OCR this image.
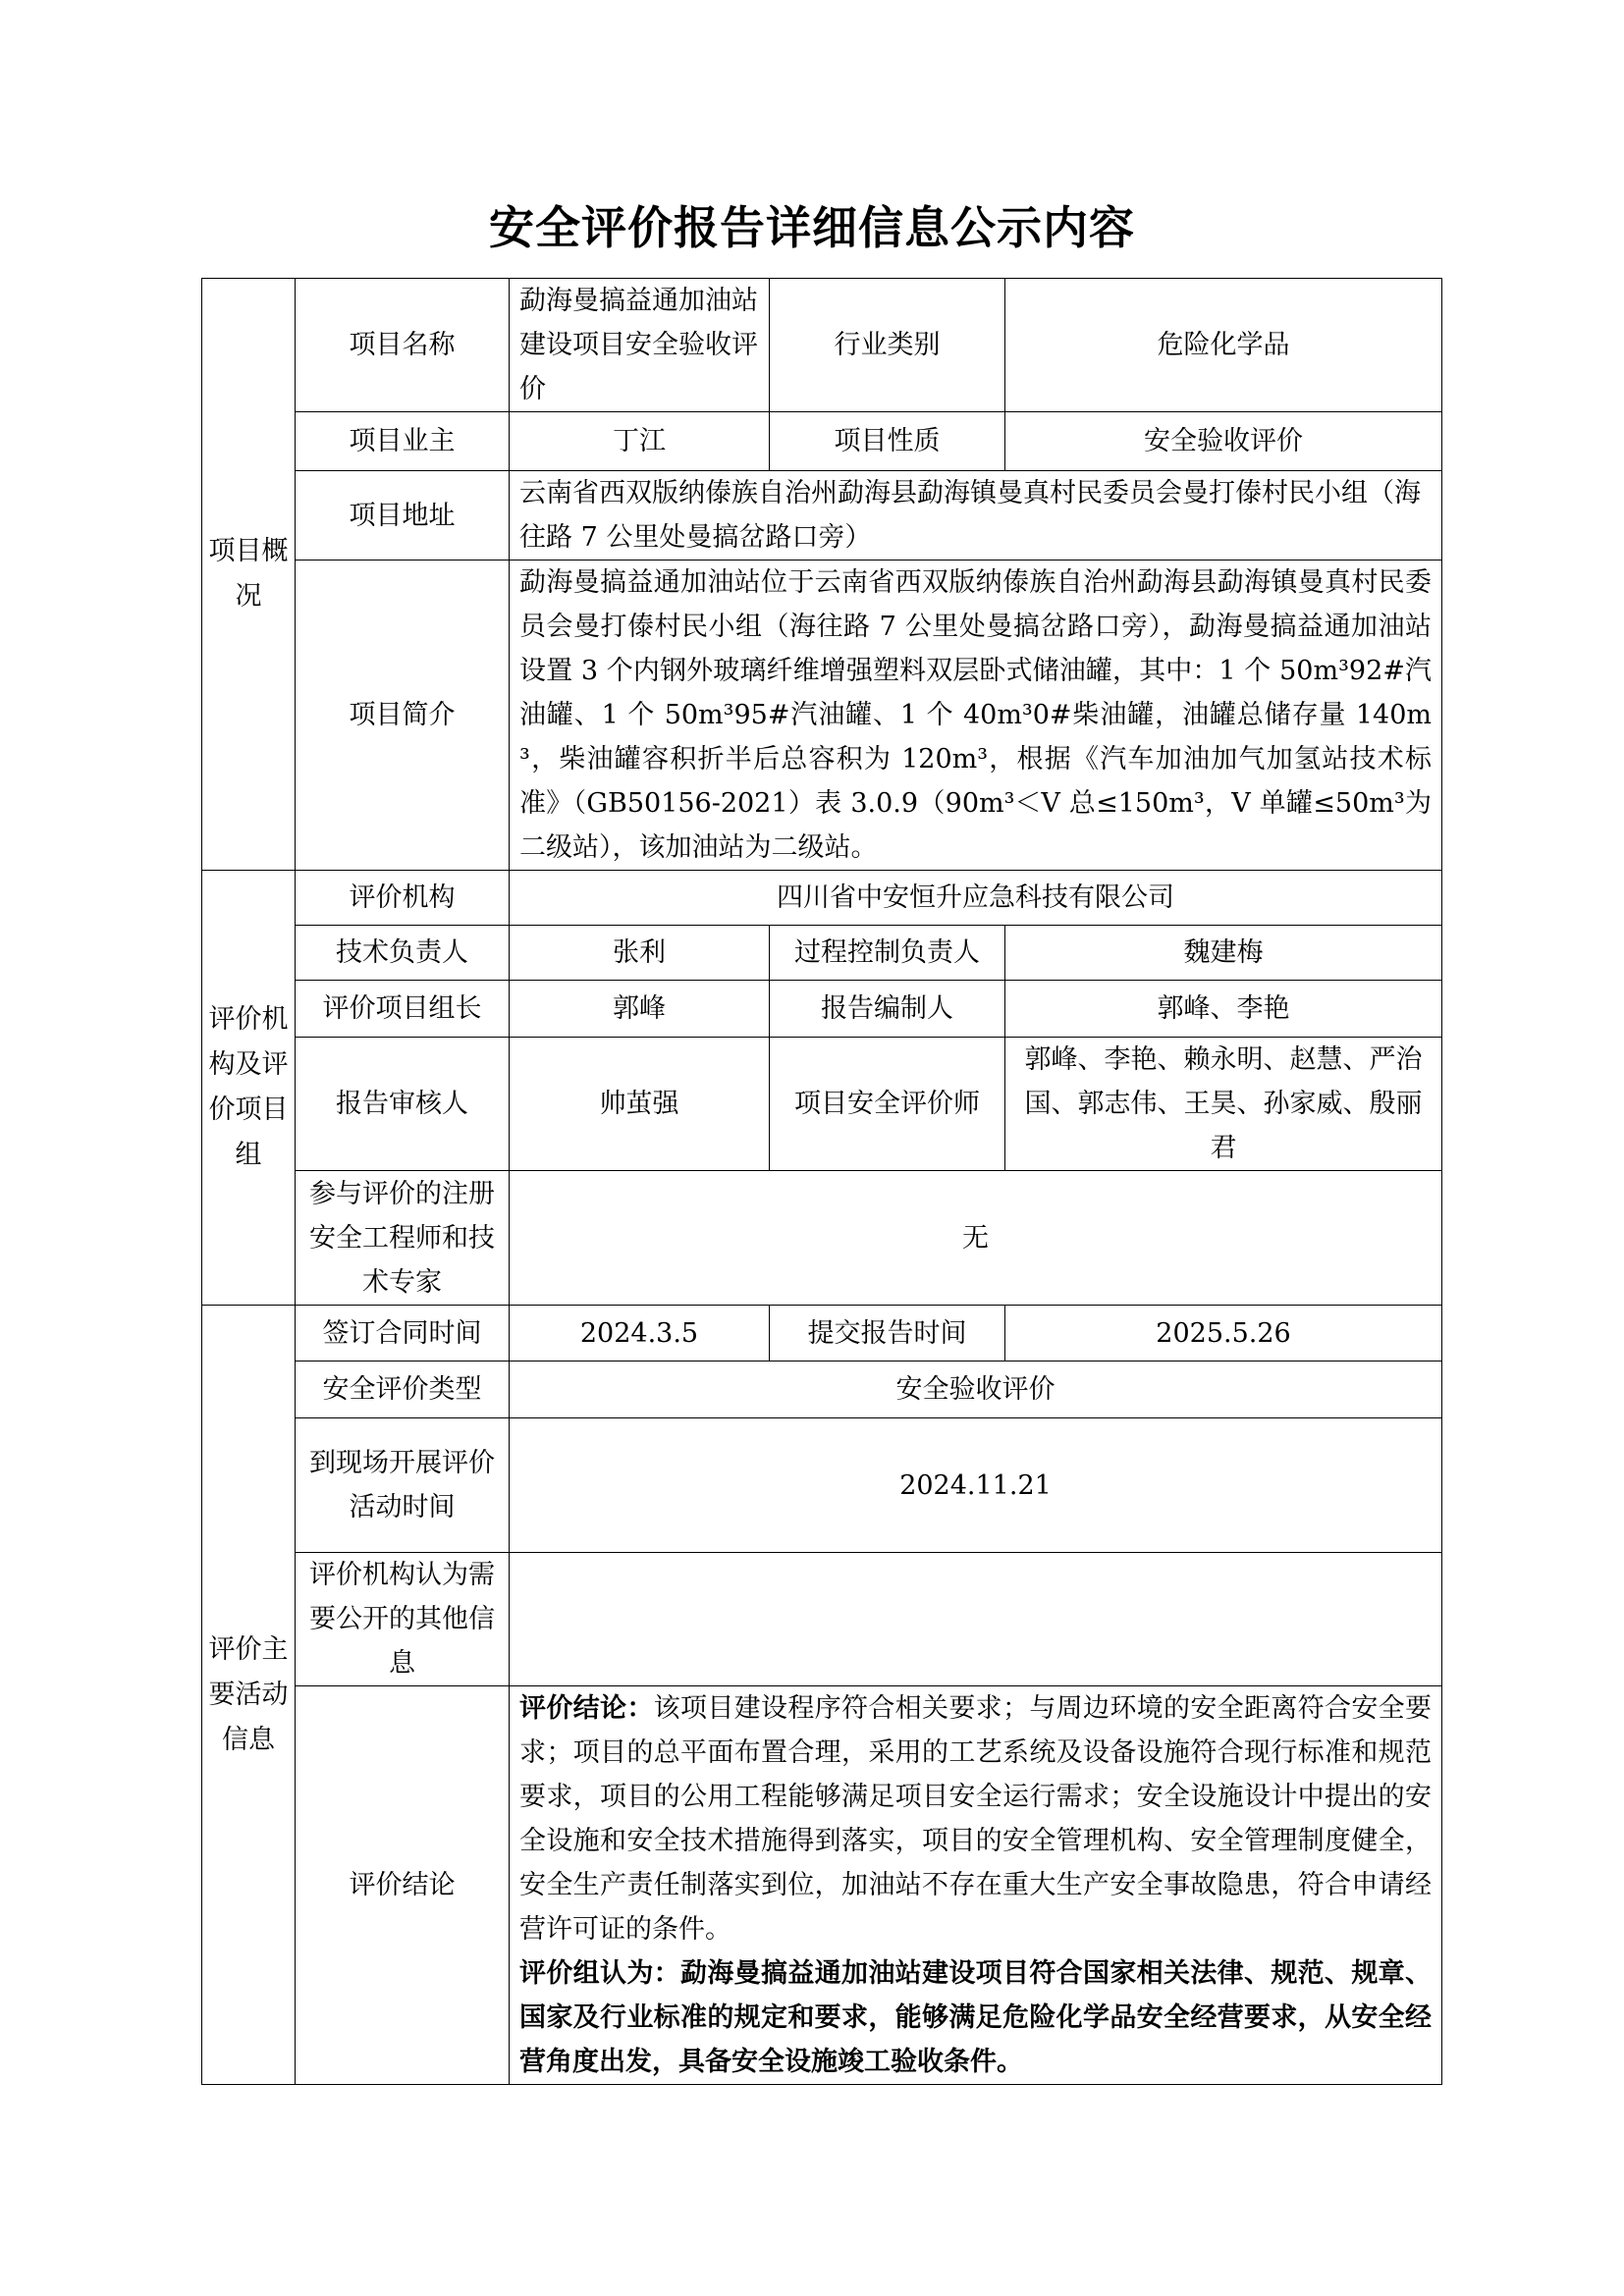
安全评价报告详细信息公示内容
项目概况	项目名称	勐海曼搞益通加油站建设项目安全验收评价	行业类别	危险化学品
	项目业主	丁江	项目性质	安全验收评价
	项目地址	云南省西双版纳傣族自治州勐海县勐海镇曼真村民委员会曼打傣村民小组（海往路 7 公里处曼搞岔路口旁）		
	项目简介	勐海曼搞益通加油站位于云南省西双版纳傣族自治州勐海县勐海镇曼真村民委员会曼打傣村民小组（海往路 7 公里处曼搞岔路口旁），勐海曼搞益通加油站设置 3 个内钢外玻璃纤维增强塑料双层卧式储油罐，其中：1 个 50m³92#汽油罐、1 个 50m³95#汽油罐、1 个 40m³0#柴油罐，油罐总储存量 140m³，柴油罐容积折半后总容积为 120m³，根据《汽车加油加气加氢站技术标准》（GB50156-2021）表 3.0.9（90m³＜V 总≤150m³，V 单罐≤50m³为二级站），该加油站为二级站。		
评价机构及评价项目组	评价机构	四川省中安恒升应急科技有限公司		
	技术负责人	张利	过程控制负责人	魏建梅
	评价项目组长	郭峰	报告编制人	郭峰、李艳
	报告审核人	帅茧强	项目安全评价师	郭峰、李艳、赖永明、赵慧、严治国、郭志伟、王昊、孙家威、殷丽君
	参与评价的注册安全工程师和技术专家	无		
评价主要活动信息	签订合同时间	2024.3.5	提交报告时间	2025.5.26
	安全评价类型	安全验收评价		
	到现场开展评价活动时间	2024.11.21		
	评价机构认为需要公开的其他信息			
	评价结论	评价结论：该项目建设程序符合相关要求；与周边环境的安全距离符合安全要求；项目的总平面布置合理，采用的工艺系统及设备设施符合现行标准和规范要求，项目的公用工程能够满足项目安全运行需求；安全设施设计中提出的安全设施和安全技术措施得到落实，项目的安全管理机构、安全管理制度健全，安全生产责任制落实到位，加油站不存在重大生产安全事故隐患，符合申请经营许可证的条件。
评价组认为：勐海曼搞益通加油站建设项目符合国家相关法律、规范、规章、国家及行业标准的规定和要求，能够满足危险化学品安全经营要求，从安全经营角度出发，具备安全设施竣工验收条件。		
